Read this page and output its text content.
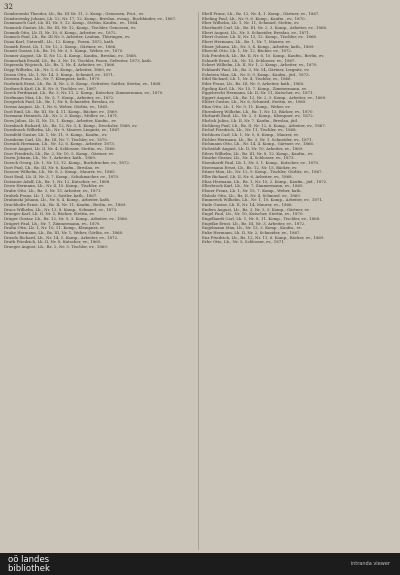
32

Dombrowski Theodor, Lb., Bz. III Nr. 11, 2. Komp., Genossen, Prot., ev.

Dombrowsky Johann, Lb. 12, Nr. 17, 12. Komp., Breslau, evang., Buchbinder, ev., 1867.

Dommasch Carl, Lb. III, Nr. 9, 12. Komp., Stettin, Kaufm., ev., 1864.

Domnick Gustav, Lb., Bz. III, Nr. 12, Komp., Tischler, Genossen, ev.

Domnik Otto, Lb. II, Nr. 10, 6. Komp., Arbeiter, ev., 1872.

Domsch Paul, Lb., Bz. III Nr. 5, Arbeiter, Lauban, Thüringen, ev.

Dona Karl, Unteroff., Lb., 12. Komp., Posen, 1872, kath.

Donath Ernst, Lb. 1, Nr. 12, 2. Komp., Gärtner, ev., 1866.

Doneit Gustav, Lb., Bz. 10, Nr. 5, 5. Komp., Weber, ev., 1870.

Donner August, Lb. II, Nr. 12, 4. Komp., Kaufm., Breslau, ev., 1868.

Donnerhak Ewald, Lb., Bz. 3, Nr. 10, Tischler, Posen, Gefreiter, 1873, kath.

Dopierala Wojciech, Lb., Bz. 1, Nr. 4, Arbeiter, ev., 1866.

Dopp Wilhelm, Lb., Nr. 3, 6. Komp., Arbeiter, 1869, ev.

Dorau Otto, Lb. 1, Nr. 14, 3. Komp., Schmied, ev., 1871.

Dorawa Franz, Lb., Nr. 7, Klempner, kath., 1870.

Dorbrück Ernst, Lb., Bz. II, Nr. 2, 8. Komp., Gefreiter, Sattler, Stettin, ev., 1868.

Dorbusch Karl, Lb. II, Nr. 9, Tischler, ev., 1867.

Dorch Ferdinand, Lb., Bz. 3, Nr. 11, 2. Komp., Kutscher, Zimmermann, ev., 1870.

Dorfmann Max, Lb., Nr. 5, 7. Komp., Arbeiter, ev., 1872.

Dorgerloh Paul, Lb., Bz. 1, Nr. 8, Schneider, Breslau, ev.

Dorias August, Lb. 1, Nr. 6, Weber, Görlitz, ev., 1865.

Dorl Emil, Lb., Bz. III, Nr. 4, 11. Komp., Bäcker, ev., 1869.

Dormann Heinrich, Lb., Nr. 2, 3. Komp., Müller, ev., 1871.

Dorn Julius, Lb. II, Nr. 15, 1. Komp., Arbeiter, Kaufm., ev.

Dornbach Richard, Lb., Bz. 12, Nr. 3, 4. Komp., Drechsler, 1868, ev.

Dornbusch Wilhelm, Lb., Nr. 9, Maurer, Liegnitz, ev., 1867.

Dornfeld Gustav, Lb. 1, Nr. 11, 9. Komp., Kaufm., ev.

Dornheim Carl, Lb., Bz. III, Nr. 7, Tischler, ev., 1870.

Dornick Hermann, Lb., Nr. 12, 6. Komp., Arbeiter, 1873.

Dorow August, Lb. II, Nr. 4, Schlosser, Stettin, ev., 1866.

Dorr Friedrich, Lb., Bz. 2, Nr. 10, 5. Komp., Gärtner, ev.

Dorra Johann, Lb., Nr. 1, Arbeiter, kath., 1869.

Dorsch Georg, Lb. 1, Nr. 13, 12. Komp., Buchdrucker, ev., 1872.

Dort Paul, Lb., Bz. III, Nr. 6, Kaufm., Breslau, ev.

Dossow Wilhelm, Lb., Nr. 8, 2. Komp., Maurer, ev., 1865.

Dost Emil, Lb. II, Nr. 3, 7. Komp., Schuhmacher, ev., 1870.

Dotzauer Adolf, Lb., Bz. 1, Nr. 12, Kutscher, ev., 1868.

Dowe Hermann, Lb., Nr. 4, 10. Komp., Tischler, ev.

Drabe Otto, Lb., Bz. 3, Nr. 15, Arbeiter, ev., 1871.

Drabek Franz, Lb. 1, Nr. 2, Sattler, kath., 1867.

Drabinski Johann, Lb., Nr. 6, 4. Komp., Arbeiter, kath.

Drachholtz Ernst, Lb., Bz. II, Nr. 11, Kaufm., Berlin, ev., 1869.

Dracz Wilhelm, Lb., Nr. 13, 8. Komp., Schmied, ev., 1873.

Draeger Karl, Lb. II, Nr. 5, Bäcker, Stettin, ev.

Dräger Gustav, Lb., Bz. 12, Nr. 9, 3. Komp., Arbeiter, ev., 1866.

Drägert Paul, Lb., Nr. 7, Zimmermann, ev., 1870.

Drahn Otto, Lb. 1, Nr. 10, 11. Komp., Klempner, ev.

Drake Hermann, Lb., Bz. III, Nr. 1, Weber, Görlitz, ev., 1868.

Drasdo Richard, Lb., Nr. 14, 5. Komp., Arbeiter, ev., 1872.

Drath Friedrich, Lb. II, Nr. 8, Kutscher, ev., 1865.

Draeger August, Lb., Bz. 2, Nr. 3, Tischler, ev., 1869.

Ebell Franz, Lb., Bz. 12, Nr. 4, 1. Komp., Gärtner, ev., 1867.

Ebeling Paul, Lb., Nr. 9, 6. Komp., Kaufm., ev., 1870.

Eber Wilhelm, Lb. 1, Nr. 11, Schmied, Stettin, ev.

Eberhardt Carl, Lb., Bz. III, Nr. 2, 3. Komp., Arbeiter, ev., 1866.

Ebert August, Lb., Nr. 5, Schneider, Breslau, ev., 1871.

Ebert Gustav, Lb. II, Nr. 13, 12. Komp., Tischler, ev., 1868.

Ebert Hermann, Lb., Bz. 1, Nr. 7, Maurer, ev.

Ebner Johann, Lb., Nr. 3, 4. Komp., Arbeiter, kath., 1869.

Ebrecht Otto, Lb. 1, Nr. 12, Bäcker, ev., 1872.

Eck Friedrich, Lb., Bz. II, Nr. 6, 10. Komp., Kaufm., Berlin, ev.

Eckardt Ernst, Lb., Nr. 10, Schlosser, ev., 1867.

Eckert Wilhelm, Lb. II, Nr. 1, 2. Komp., Arbeiter, ev., 1870.

Eckhardt Paul, Lb., Bz. 3, Nr. 14, Gärtner, Liegnitz, ev.

Eckstein Max, Lb., Nr. 8, 9. Komp., Kaufm., jüd., 1873.

Edel Richard, Lb. 1, Nr. 4, Tischler, ev., 1866.

Eder Franz, Lb., Bz. III, Nr. 9, Arbeiter, kath., 1868.

Egeling Karl, Lb., Nr. 15, 7. Komp., Zimmermann, ev.

Eggebrecht Hermann, Lb. II, Nr. 11, Kutscher, ev., 1871.

Eggert August, Lb., Bz. 12, Nr. 2, 5. Komp., Arbeiter, ev., 1869.

Ehlert Gustav, Lb., Nr. 6, Schmied, Stettin, ev., 1865.

Ehm Otto, Lb. 1, Nr. 9, 11. Komp., Weber, ev.

Ehrenberg Wilhelm, Lb., Bz. 1, Nr. 13, Bäcker, ev., 1870.

Ehrhardt Emil, Lb., Nr. 2, 3. Komp., Klempner, ev., 1872.

Ehrlich Julius, Lb. II, Nr. 7, Kaufm., Breslau, jüd.

Eichberg Paul, Lb., Bz. II, Nr. 12, 6. Komp., Arbeiter, ev., 1867.

Eichel Friedrich, Lb., Nr. 11, Tischler, ev., 1868.

Eichhorn Carl, Lb. 1, Nr. 5, 8. Komp., Maurer, ev.

Eichler Hermann, Lb., Bz. 3, Nr. 1, Schneider, ev., 1871.

Eichmann Otto, Lb., Nr. 14, 4. Komp., Gärtner, ev., 1866.

Eichstädt August, Lb. II, Nr. 10, Arbeiter, ev., 1869.

Eilers Wilhelm, Lb., Bz. III, Nr. 8, 12. Komp., Kaufm., ev.

Einicke Gustav, Lb., Nr. 4, Schlosser, ev., 1873.

Eisenhardt Paul, Lb. 1, Nr. 3, 1. Komp., Kutscher, ev., 1870.

Eisermann Ernst, Lb., Bz. 12, Nr. 15, Bäcker, ev.

Eitner Max, Lb., Nr. 12, 9. Komp., Tischler, Görlitz, ev., 1867.

Elbe Richard, Lb. II, Nr. 6, Arbeiter, ev., 1868.

Elias Hermann, Lb., Bz. 1, Nr. 10, 2. Komp., Kaufm., jüd., 1872.

Ellerbrock Karl, Lb., Nr. 7, Zimmermann, ev., 1865.

Elsner Franz, Lb. 1, Nr. 15, 7. Komp., Weber, kath.

Elsholz Otto, Lb., Bz. II, Nr. 4, Schmied, ev., 1869.

Emmerich Wilhelm, Lb., Nr. 1, 10. Komp., Arbeiter, ev., 1871.

Ende Gustav, Lb. II, Nr. 14, Maurer, ev., 1866.

Enders August, Lb., Bz. 3, Nr. 5, 5. Komp., Gärtner, ev.

Engel Paul, Lb., Nr. 10, Kutscher, Stettin, ev., 1870.

Engelhardt Carl, Lb. 1, Nr. 8, 11. Komp., Tischler, ev., 1868.

Engelke Ernst, Lb., Bz. III, Nr. 3, Arbeiter, ev., 1872.

Engelmann Max, Lb., Nr. 13, 3. Komp., Kaufm., ev.

Enke Hermann, Lb. II, Nr. 2, Schneider, ev., 1867.

Enz Friedrich, Lb., Bz. 12, Nr. 11, 6. Komp., Bäcker, ev., 1869.

Erbe Otto, Lb., Nr. 5, Schlosser, ev., 1871.

oö landes
bibliothek	intranda viewer
